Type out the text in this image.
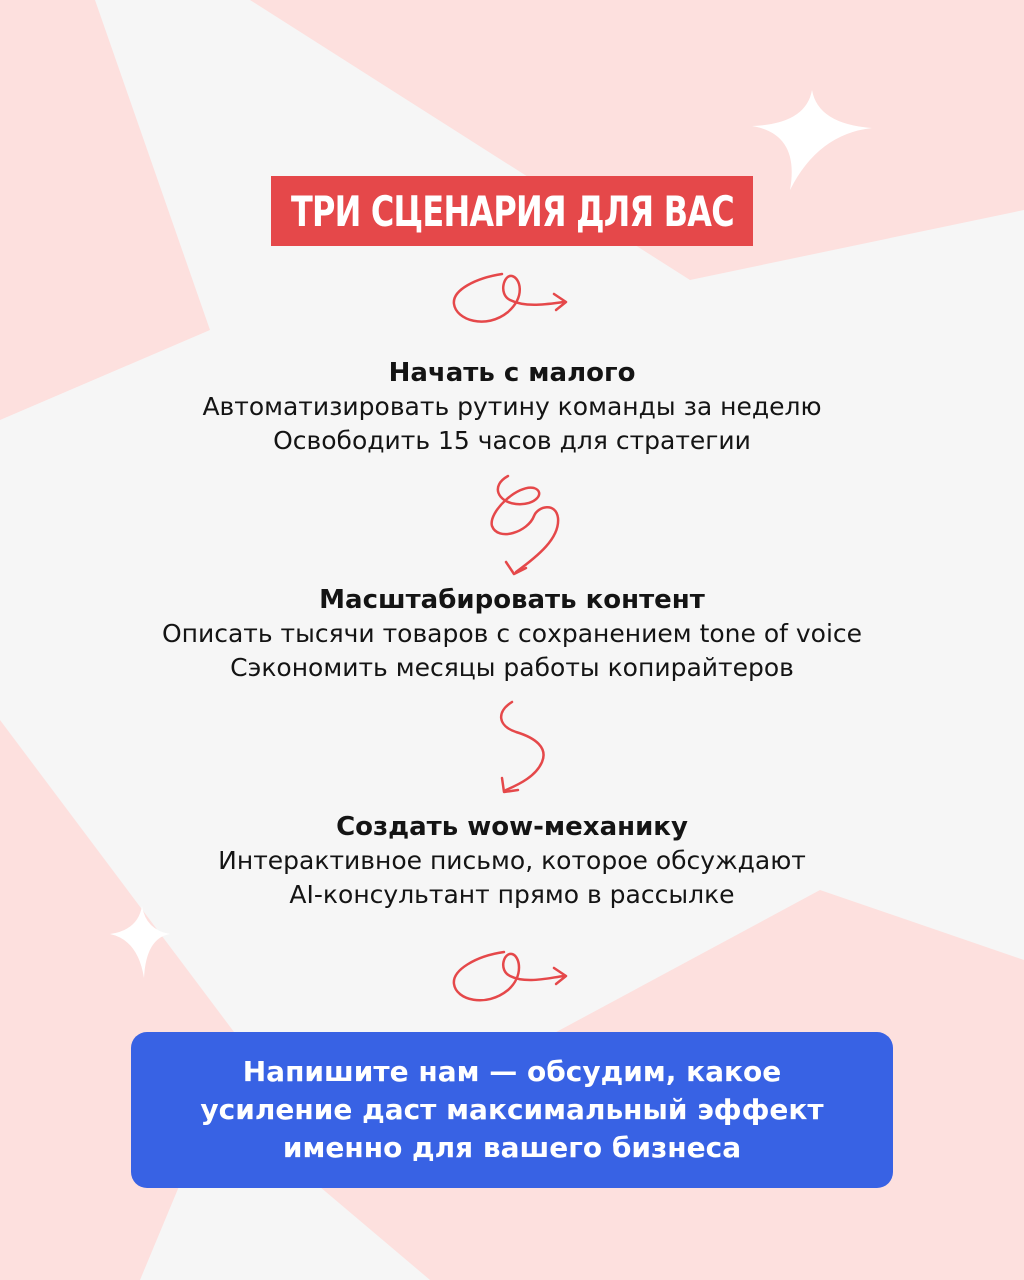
ТРИ СЦЕНАРИЯ ДЛЯ ВАС
Начать с малого
Автоматизировать рутину команды за неделю
Освободить 15 часов для стратегии
Масштабировать контент
Описать тысячи товаров с сохранением tone of voice
Сэкономить месяцы работы копирайтеров
Создать wow-механику
Интерактивное письмо, которое обсуждают
AI-консультант прямо в рассылке
Напишите нам — обсудим, какое
усиление даст максимальный эффект
именно для вашего бизнеса
